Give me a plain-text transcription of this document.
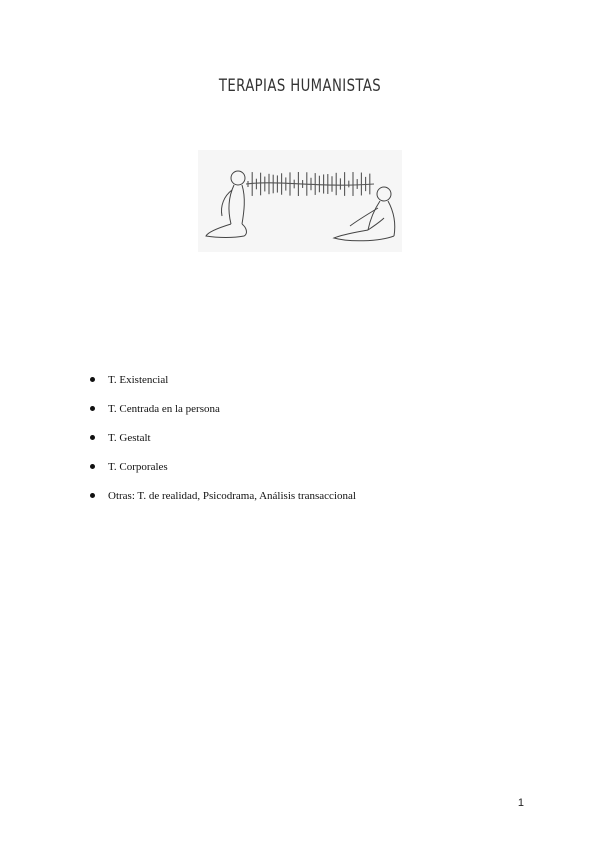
TERAPIAS HUMANISTAS
T. Existencial
T. Centrada en la persona
T. Gestalt
T. Corporales
Otras: T. de realidad, Psicodrama, Análisis transaccional
1
